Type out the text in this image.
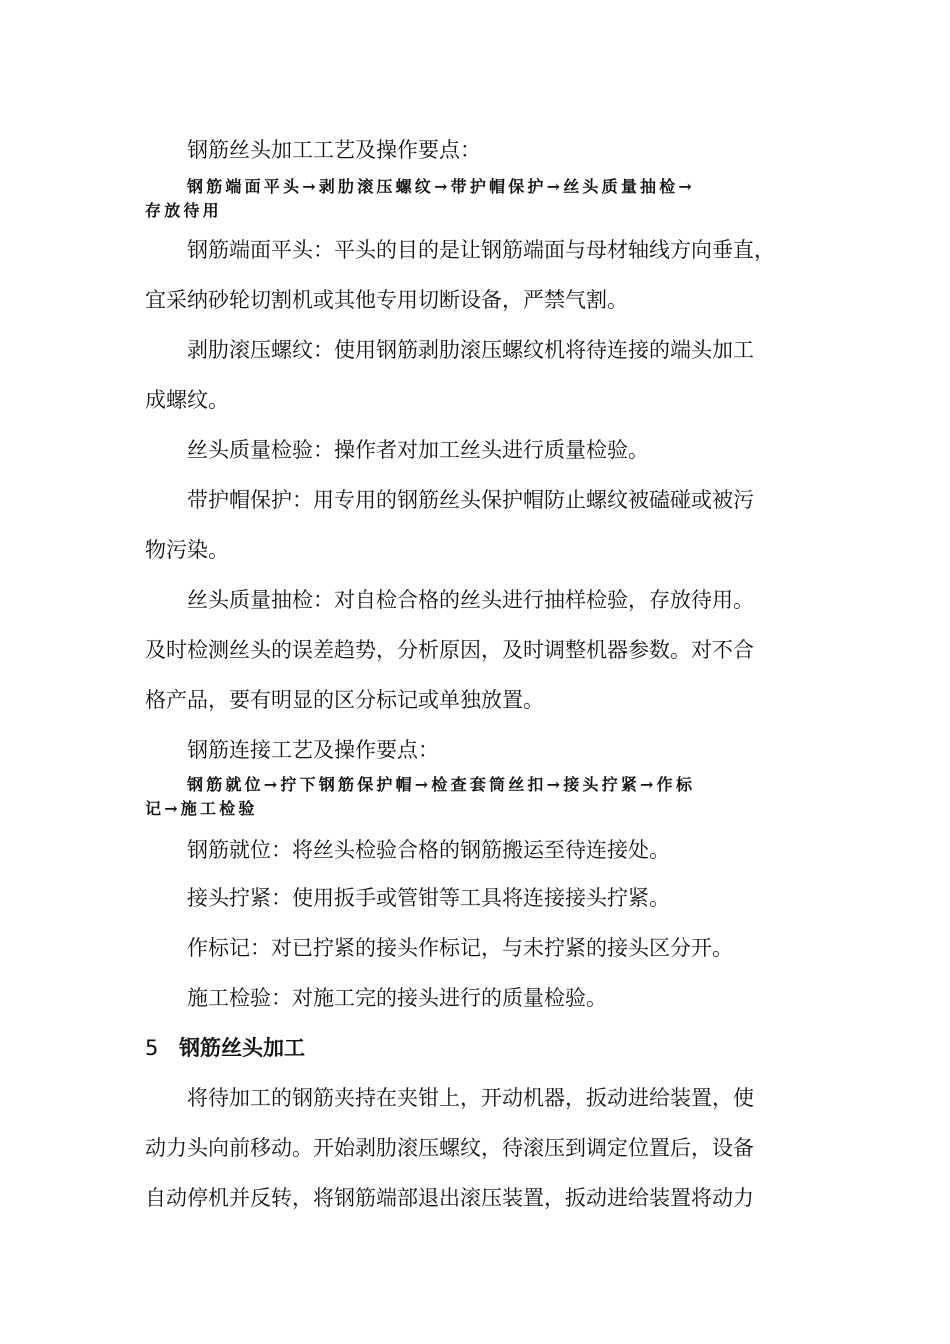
钢筋丝头加工工艺及操作要点：
钢筋端面平头→剥肋滚压螺纹→带护帽保护→丝头质量抽检→
存放待用
钢筋端面平头：平头的目的是让钢筋端面与母材轴线方向垂直，
宜采纳砂轮切割机或其他专用切断设备，严禁气割。
剥肋滚压螺纹：使用钢筋剥肋滚压螺纹机将待连接的端头加工
成螺纹。
丝头质量检验：操作者对加工丝头进行质量检验。
带护帽保护：用专用的钢筋丝头保护帽防止螺纹被磕碰或被污
物污染。
丝头质量抽检：对自检合格的丝头进行抽样检验，存放待用。
及时检测丝头的误差趋势，分析原因，及时调整机器参数。对不合
格产品，要有明显的区分标记或单独放置。
钢筋连接工艺及操作要点：
钢筋就位→拧下钢筋保护帽→检查套筒丝扣→接头拧紧→作标
记→施工检验
钢筋就位：将丝头检验合格的钢筋搬运至待连接处。
接头拧紧：使用扳手或管钳等工具将连接接头拧紧。
作标记：对已拧紧的接头作标记，与未拧紧的接头区分开。
施工检验：对施工完的接头进行的质量检验。
5 钢筋丝头加工
将待加工的钢筋夹持在夹钳上，开动机器，扳动进给装置，使
动力头向前移动。开始剥肋滚压螺纹，待滚压到调定位置后，设备
自动停机并反转，将钢筋端部退出滚压装置，扳动进给装置将动力
